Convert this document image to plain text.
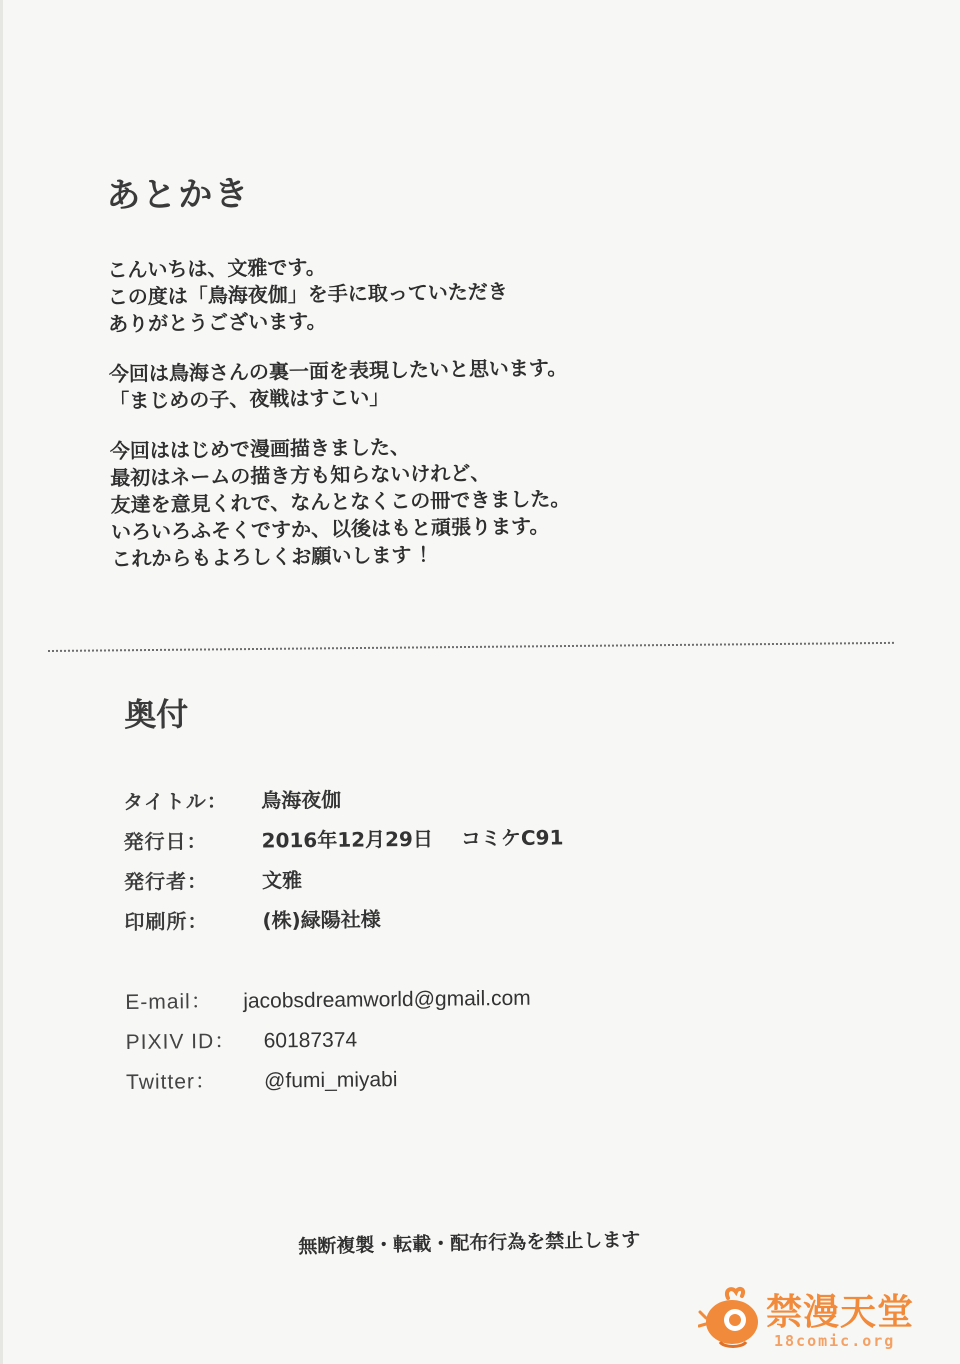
あとかき
こんいちは、文雅です。
この度は「鳥海夜伽」を手に取っていただき
ありがとうございます。
今回は鳥海さんの裏一面を表現したいと思います。
「まじめの子、夜戦はすこい」
今回ははじめで漫画描きました、
最初はネームの描き方も知らないけれど、
友達を意見くれで、なんとなくこの冊できました。
いろいろふそくですか、以後はもと頑張ります。
これからもよろしくお願いします ！
奥付
タイトル：	鳥海夜伽
発行日：	2016年12月29日 コミケC91
発行者：	文雅
印刷所：	(株)緑陽社様
E-mail：	jacobsdreamworld@gmail.com
PIXIV ID：	60187374
Twitter：	@fumi_miyabi
無断複製・転載・配布行為を禁止します
禁漫天堂
18comic.org
